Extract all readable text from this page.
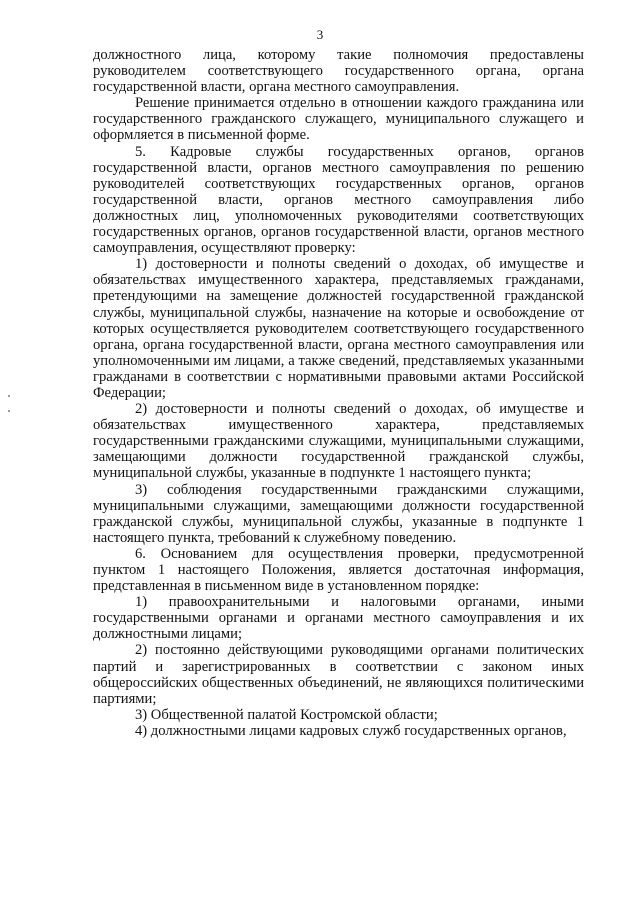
3

должностного лица, которому такие полномочия предоставлены руководителем соответствующего государственного органа, органа государственной власти, органа местного самоуправления.

Решение принимается отдельно в отношении каждого гражданина или государственного гражданского служащего, муниципального служащего и оформляется в письменной форме.

5. Кадровые службы государственных органов, органов государственной власти, органов местного самоуправления по решению руководителей соответствующих государственных органов, органов государственной власти, органов местного самоуправления либо должностных лиц, уполномоченных руководителями соответствующих государственных органов, органов государственной власти, органов местного самоуправления, осуществляют проверку:

1) достоверности и полноты сведений о доходах, об имуществе и обязательствах имущественного характера, представляемых гражданами, претендующими на замещение должностей государственной гражданской службы, муниципальной службы, назначение на которые и освобождение от которых осуществляется руководителем соответствующего государственного органа, органа государственной власти, органа местного самоуправления или уполномоченными им лицами, а также сведений, представляемых указанными гражданами в соответствии с нормативными правовыми актами Российской Федерации;

2) достоверности и полноты сведений о доходах, об имуществе и обязательствах имущественного характера, представляемых государственными гражданскими служащими, муниципальными служащими, замещающими должности государственной гражданской службы, муниципальной службы, указанные в подпункте 1 настоящего пункта;

3) соблюдения государственными гражданскими служащими, муниципальными служащими, замещающими должности государственной гражданской службы, муниципальной службы, указанные в подпункте 1 настоящего пункта, требований к служебному поведению.

6. Основанием для осуществления проверки, предусмотренной пунктом 1 настоящего Положения, является достаточная информация, представленная в письменном виде в установленном порядке:

1) правоохранительными и налоговыми органами, иными государственными органами и органами местного самоуправления и их должностными лицами;

2) постоянно действующими руководящими органами политических партий и зарегистрированных в соответствии с законом иных общероссийских общественных объединений, не являющихся политическими партиями;

3) Общественной палатой Костромской области;

4) должностными лицами кадровых служб государственных органов,
